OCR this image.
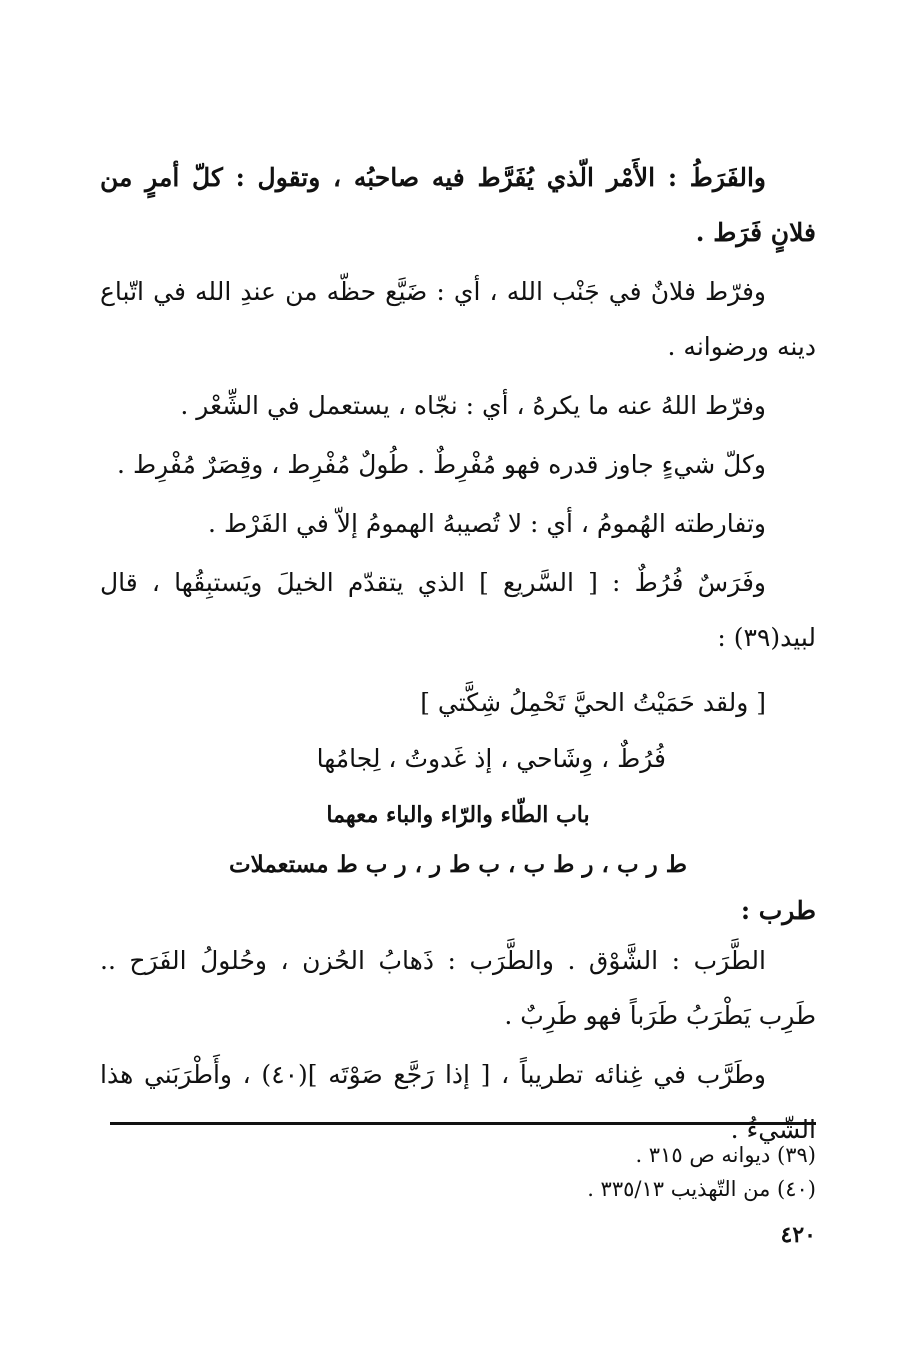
والفَرَطُ : الأَمْر الّذي يُفَرَّط فيه صاحبُه ، وتقول : كلّ أمرٍ من فلانٍ فَرَط .

وفرّط فلانٌ في جَنْب الله ، أي : ضَيَّع حظّه من عندِ الله في اتّباع دينه ورضوانه .

وفرّط اللهُ عنه ما يكرهُ ، أي : نجّاه ، يستعمل في الشِّعْر .

وكلّ شيءٍ جاوز قدره فهو مُفْرِطٌ . طُولٌ مُفْرِط ، وقِصَرٌ مُفْرِط .

وتفارطته الهُمومُ ، أي : لا تُصيبهُ الهمومُ إلاّ في الفَرْط .

وفَرَسٌ فُرُطٌ : [ السَّريع ] الذي يتقدّم الخيلَ ويَستبِقُها ، قال لبيد(٣٩) :

[ ولقد حَمَيْتُ الحيَّ تَحْمِلُ شِكَّتي ]
فُرُطٌ ، وِشَاحي ، إذ غَدوتُ ، لِجامُها
باب الطّاء والرّاء والباء معهما
ط ر ب ، ر ط ب ، ب ط ر ، ر ب ط مستعملات
طرب :

الطَّرَب : الشَّوْق . والطَّرَب : ذَهابُ الحُزن ، وحُلولُ الفَرَح .. طَرِب يَطْرَبُ طَرَباً فهو طَرِبٌ .

وطَرَّب في غِنائه تطريباً ، [ إذا رَجَّع صَوْتَه ](٤٠) ، وأَطْرَبَني هذا الشّيءُ .

(٣٩) ديوانه ص ٣١٥ .
(٤٠) من التّهذيب ٣٣٥/١٣ .
٤٢٠
